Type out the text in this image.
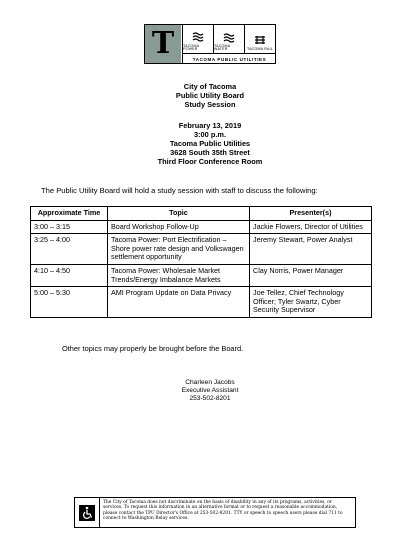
T TACOMA POWER
TACOMA WATER	TACOMA RAIL
TACOMA PUBLIC UTILITIES
City of Tacoma
Public Utility Board
Study Session
February 13, 2019
3:00 p.m.
Tacoma Public Utilities
3628 South 35th Street
Third Floor Conference Room
The Public Utility Board will hold a study session with staff to discuss the following:
Approximate Time	Topic	Presenter(s)
3:00 – 3:15	Board Workshop Follow-Up	Jackie Flowers, Director of Utilities
3:25 – 4:00	Tacoma Power: Port Electrification – Shore power rate design and Volkswagen settlement opportunity	Jeremy Stewart, Power Analyst
4:10 – 4:50	Tacoma Power: Wholesale Market Trends/Energy Imbalance Markets	Clay Norris, Power Manager
5:00 – 5:30	AMI Program Update on Data Privacy	Joe Tellez, Chief Technology Officer; Tyler Swartz, Cyber Security Supervisor
Other topics may properly be brought before the Board.
Charleen Jacobs
Executive Assistant
253-502-8201
The City of Tacoma does not discriminate on the basis of disability in any of its programs, activities, or services. To request this information in an alternative format or to request a reasonable accommodation, please contact the TPU Director's Office at 253-502-8201. TTY or speech to speech users please dial 711 to connect to Washington Relay services.
